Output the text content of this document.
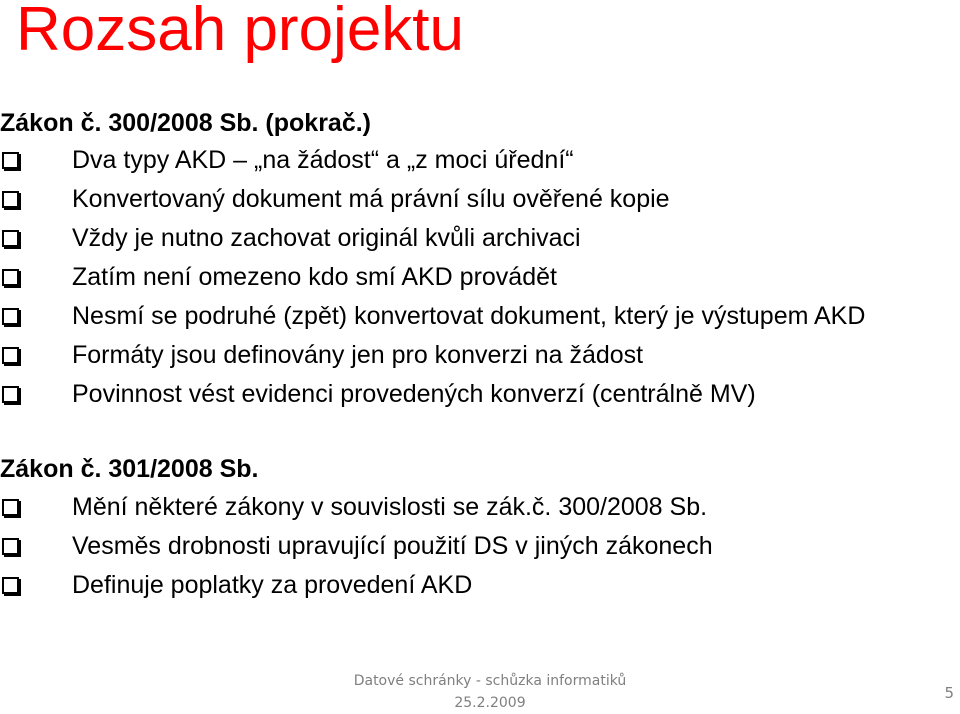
Rozsah projektu
Zákon č. 300/2008 Sb. (pokrač.)
Dva typy AKD – „na žádost“ a „z moci úřední“
Konvertovaný dokument má právní sílu ověřené kopie
Vždy je nutno zachovat originál kvůli archivaci
Zatím není omezeno kdo smí AKD provádět
Nesmí se podruhé (zpět) konvertovat dokument, který je výstupem AKD
Formáty jsou definovány jen pro konverzi na žádost
Povinnost vést evidenci provedených konverzí (centrálně MV)
Zákon č. 301/2008 Sb.
Mění některé zákony v souvislosti se zák.č. 300/2008 Sb.
Vesměs drobnosti upravující použití DS v jiných zákonech
Definuje poplatky za provedení AKD
Datové schránky - schůzka informatiků
25.2.2009
5
